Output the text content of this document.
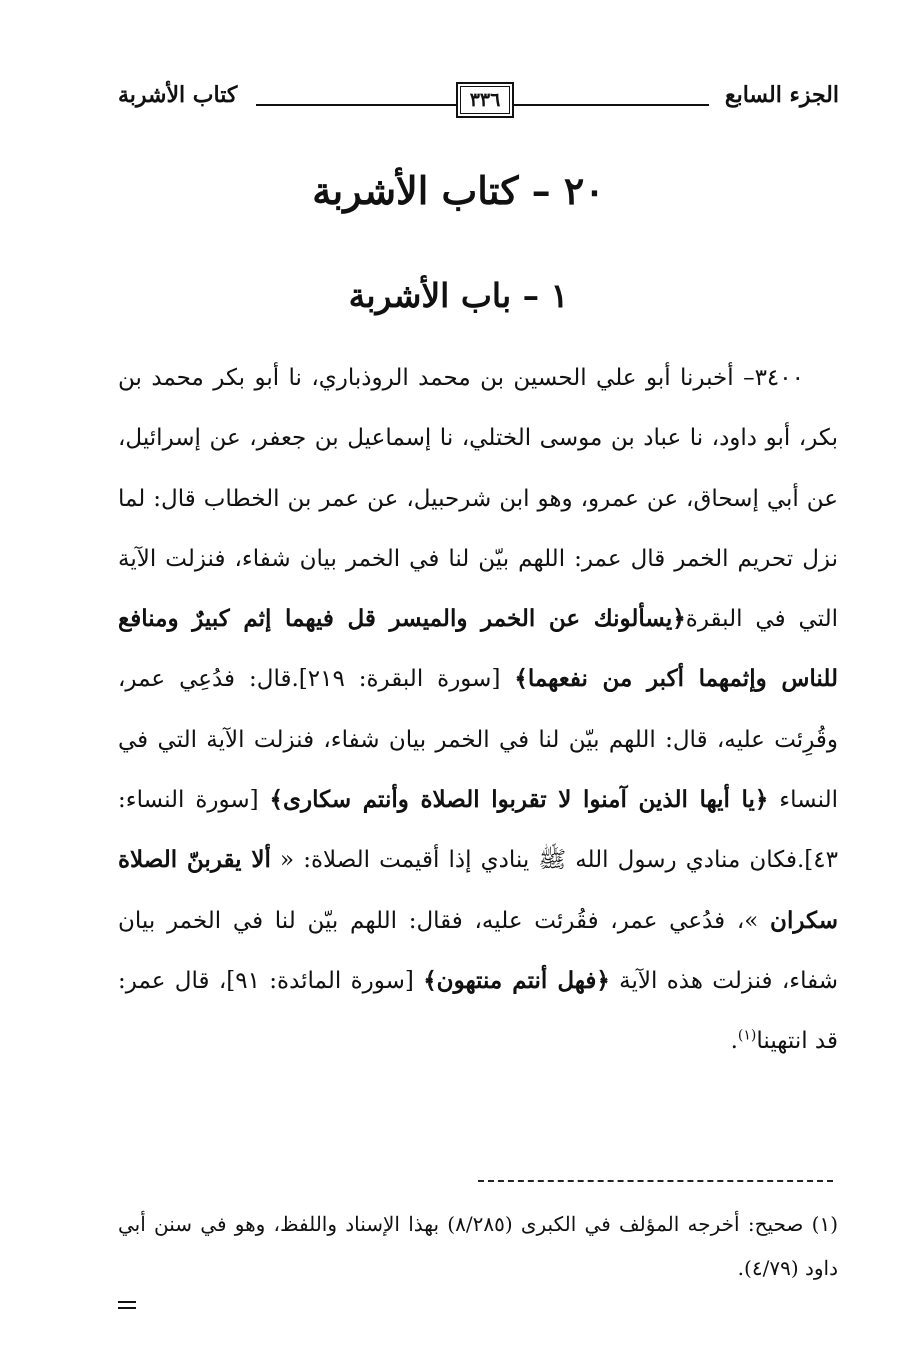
الجزء السابع
٣٣٦
كتاب الأشربة
٢٠ – كتاب الأشربة
١ – باب الأشربة

٣٤٠٠– أخبرنا أبو علي الحسين بن محمد الروذباري، نا أبو بكر محمد بن بكر، أبو داود، نا عباد بن موسى الختلي، نا إسماعيل بن جعفر، عن إسرائيل، عن أبي إسحاق، عن عمرو، وهو ابن شرحبيل، عن عمر بن الخطاب قال: لما نزل تحريم الخمر قال عمر: اللهم بيّن لنا في الخمر بيان شفاء، فنزلت الآية التي في البقرة﴿يسألونك عن الخمر والميسر قل فيهما إثم كبيرٌ ومنافع للناس وإثمهما أكبر من نفعهما﴾ [سورة البقرة: ٢١٩].قال: فدُعِي عمر، وقُرِئت عليه، قال: اللهم بيّن لنا في الخمر بيان شفاء، فنزلت الآية التي في النساء ﴿يا أيها الذين آمنوا لا تقربوا الصلاة وأنتم سكارى﴾ [سورة النساء: ٤٣].فكان منادي رسول الله ﷺ ينادي إذا أقيمت الصلاة: « ألا يقربنّ الصلاة سكران »، فدُعي عمر، فقُرئت عليه، فقال: اللهم بيّن لنا في الخمر بيان شفاء، فنزلت هذه الآية ﴿فهل أنتم منتهون﴾ [سورة المائدة: ٩١]، قال عمر: قد انتهينا$^{(١)}$.

(١) صحيح: أخرجه المؤلف في الكبرى (٨/٢٨٥) بهذا الإسناد واللفظ، وهو في سنن أبي داود (٤/٧٩).
